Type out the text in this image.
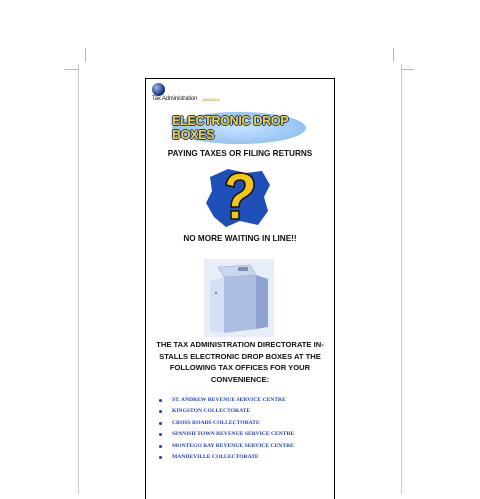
Tax Administration JAMAICA
ELECTRONIC DROP BOXES
PAYING TAXES OR FILING RETURNS
NO MORE WAITING IN LINE!!
THE TAX ADMINISTRATION DIRECTORATE IN-
STALLS ELECTRONIC DROP BOXES AT THE
FOLLOWING TAX OFFICES FOR YOUR
CONVENIENCE:
ST. ANDREW REVENUE SERVICE CENTRE
KINGSTON COLLECTORATE
CROSS ROADS COLLECTORATE
SPANISH TOWN REVENUE SERVICE CENTRE
MONTEGO BAY REVENUE SERVICE CENTRE
MANDEVILLE COLLECTORATE
